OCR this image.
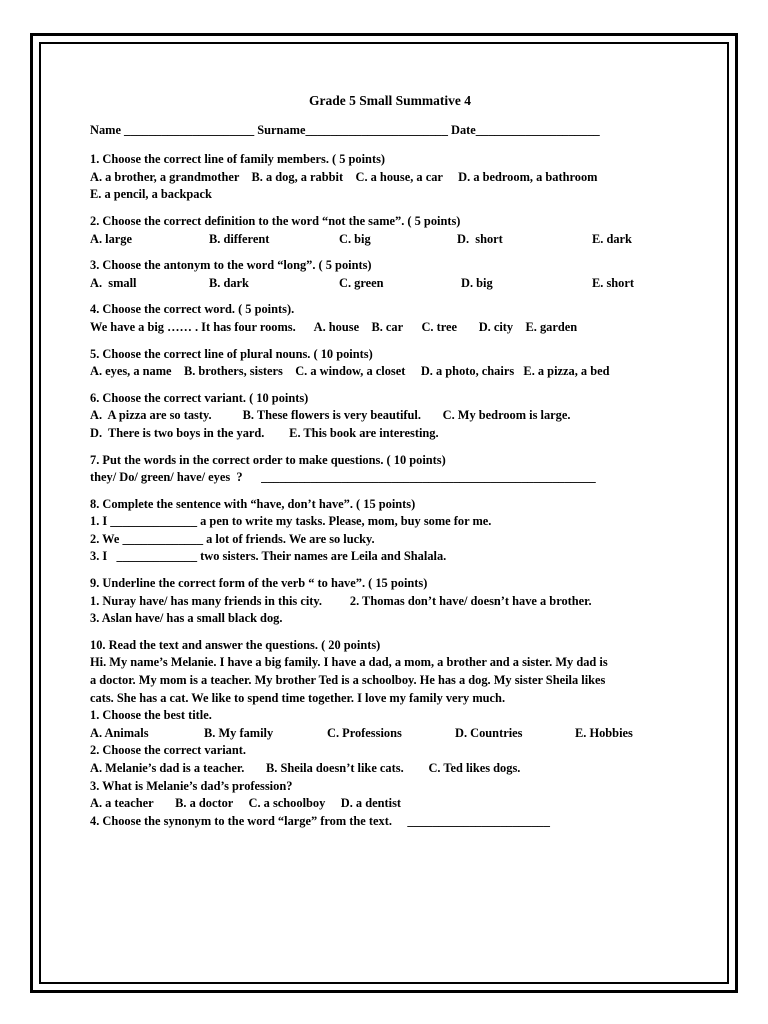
Grade 5 Small Summative 4

Name _____________________ Surname_______________________ Date____________________

1. Choose the correct line of family members. ( 5 points)

A. a brother, a grandmother    B. a dog, a rabbit    C. a house, a car     D. a bedroom, a bathroom

E. a pencil, a backpack

2. Choose the correct definition to the word “not the same”. ( 5 points)

A. large	B. different	C. big	D.  short	E. dark

3. Choose the antonym to the word “long”. ( 5 points)

A.  small	B. dark	C. green	D. big	E. short

4. Choose the correct word. ( 5 points).

We have a big …… . It has four rooms.      A. house    B. car      C. tree       D. city    E. garden

5. Choose the correct line of plural nouns. ( 10 points)

A. eyes, a name    B. brothers, sisters    C. a window, a closet     D. a photo, chairs   E. a pizza, a bed

6. Choose the correct variant. ( 10 points)

A.  A pizza are so tasty.          B. These flowers is very beautiful.       C. My bedroom is large.

D.  There is two boys in the yard.        E. This book are interesting.

7. Put the words in the correct order to make questions. ( 10 points)

they/ Do/ green/ have/ eyes  ?      ______________________________________________________

8. Complete the sentence with “have, don’t have”. ( 15 points)

1. I ______________ a pen to write my tasks. Please, mom, buy some for me.

2. We _____________ a lot of friends. We are so lucky.

3. I   _____________ two sisters. Their names are Leila and Shalala.

9. Underline the correct form of the verb “ to have”. ( 15 points)

1. Nuray have/ has many friends in this city.         2. Thomas don’t have/ doesn’t have a brother.

3. Aslan have/ has a small black dog.

10. Read the text and answer the questions. ( 20 points)

Hi. My name’s Melanie. I have a big family. I have a dad, a mom, a brother and a sister. My dad is

a doctor. My mom is a teacher. My brother Ted is a schoolboy. He has a dog. My sister Sheila likes

cats. She has a cat. We like to spend time together. I love my family very much.

1. Choose the best title.

A. Animals	B. My family	C. Professions	D. Countries	E. Hobbies

2. Choose the correct variant.

A. Melanie’s dad is a teacher.       B. Sheila doesn’t like cats.        C. Ted likes dogs.

3. What is Melanie’s dad’s profession?

A. a teacher       B. a doctor     C. a schoolboy     D. a dentist

4. Choose the synonym to the word “large” from the text.     _______________________
